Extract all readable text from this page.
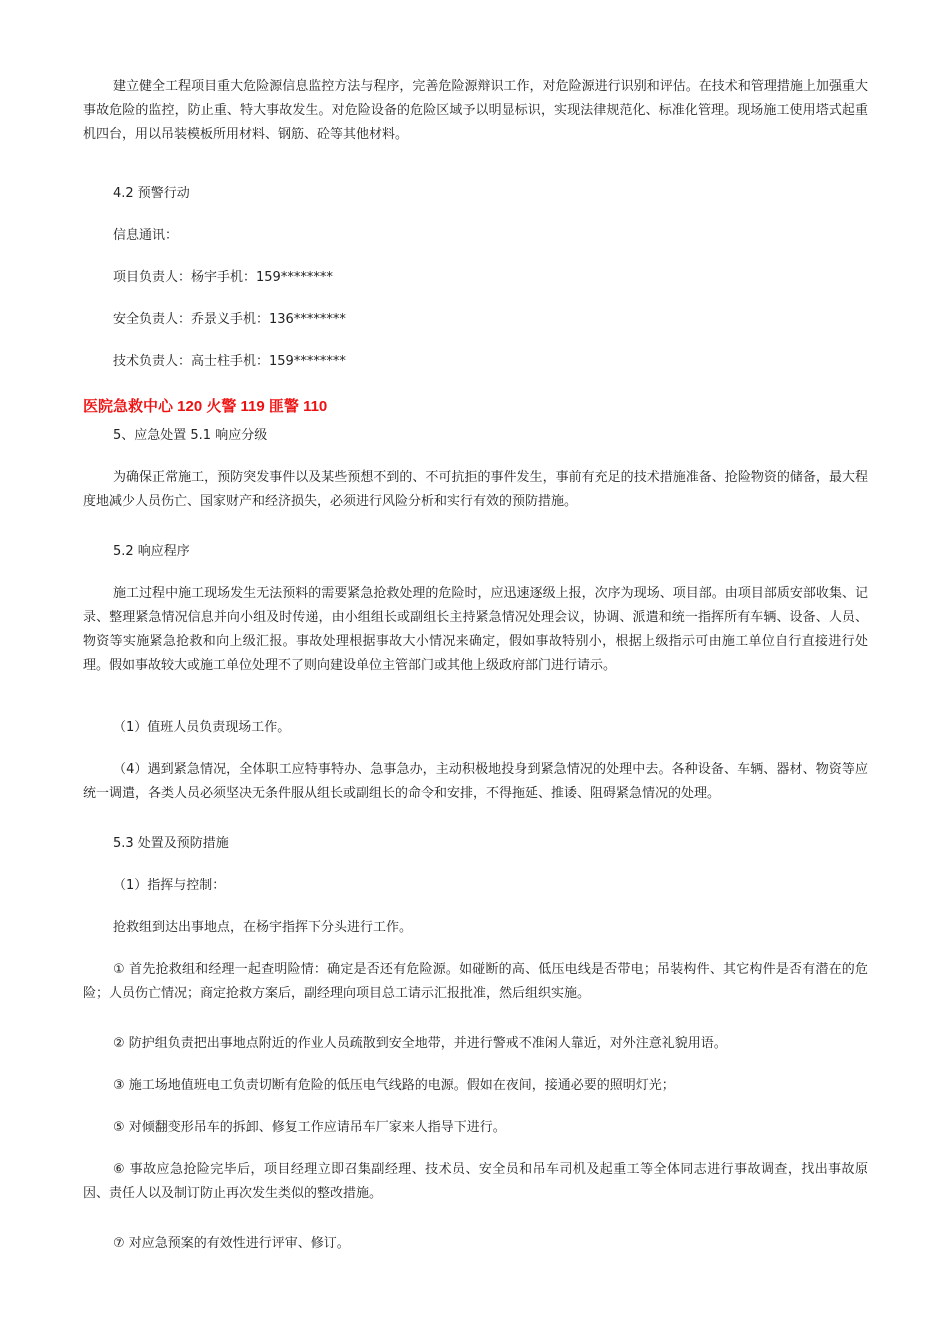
建立健全工程项目重大危险源信息监控方法与程序，完善危险源辩识工作，对危险源进行识别和评估。在技术和管理措施上加强重大事故危险的监控，防止重、特大事故发生。对危险设备的危险区域予以明显标识，实现法律规范化、标准化管理。现场施工使用塔式起重机四台，用以吊装模板所用材料、钢筋、砼等其他材料。

4.2 预警行动

信息通讯：

项目负责人：杨宇手机：159********

安全负责人：乔景义手机：136********

技术负责人：高士柱手机：159********

医院急救中心 120 火警 119 匪警 110

5、应急处置 5.1 响应分级

为确保正常施工，预防突发事件以及某些预想不到的、不可抗拒的事件发生，事前有充足的技术措施准备、抢险物资的储备，最大程度地减少人员伤亡、国家财产和经济损失，必须进行风险分析和实行有效的预防措施。

5.2 响应程序

施工过程中施工现场发生无法预料的需要紧急抢救处理的危险时，应迅速逐级上报，次序为现场、项目部。由项目部质安部收集、记录、整理紧急情况信息并向小组及时传递，由小组组长或副组长主持紧急情况处理会议，协调、派遣和统一指挥所有车辆、设备、人员、物资等实施紧急抢救和向上级汇报。事故处理根据事故大小情况来确定，假如事故特别小，根据上级指示可由施工单位自行直接进行处理。假如事故较大或施工单位处理不了则向建设单位主管部门或其他上级政府部门进行请示。

（1）值班人员负责现场工作。

（4）遇到紧急情况，全体职工应特事特办、急事急办，主动积极地投身到紧急情况的处理中去。各种设备、车辆、器材、物资等应统一调遣，各类人员必须坚决无条件服从组长或副组长的命令和安排，不得拖延、推诿、阻碍紧急情况的处理。

5.3 处置及预防措施

（1）指挥与控制：

抢救组到达出事地点，在杨宇指挥下分头进行工作。

① 首先抢救组和经理一起查明险情：确定是否还有危险源。如碰断的高、低压电线是否带电；吊装构件、其它构件是否有潜在的危险；人员伤亡情况；商定抢救方案后，副经理向项目总工请示汇报批准，然后组织实施。

② 防护组负责把出事地点附近的作业人员疏散到安全地带，并进行警戒不准闲人靠近，对外注意礼貌用语。

③ 施工场地值班电工负责切断有危险的低压电气线路的电源。假如在夜间，接通必要的照明灯光；

⑤ 对倾翻变形吊车的拆卸、修复工作应请吊车厂家来人指导下进行。

⑥ 事故应急抢险完毕后，项目经理立即召集副经理、技术员、安全员和吊车司机及起重工等全体同志进行事故调查，找出事故原因、责任人以及制订防止再次发生类似的整改措施。

⑦ 对应急预案的有效性进行评审、修订。
